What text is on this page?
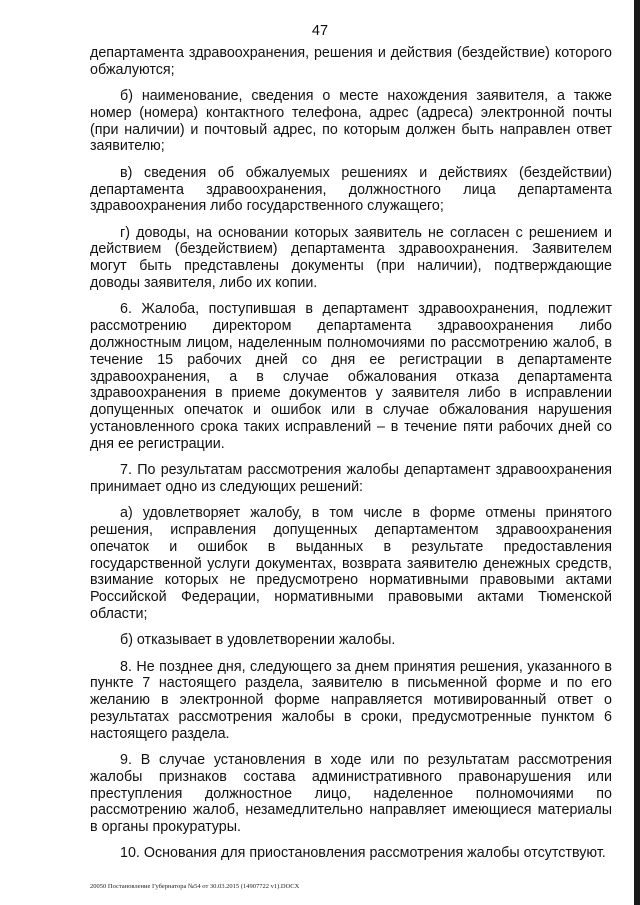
47

департамента здравоохранения, решения и действия (бездействие) которого обжалуются;

б) наименование, сведения о месте нахождения заявителя, а также номер (номера) контактного телефона, адрес (адреса) электронной почты (при наличии) и почтовый адрес, по которым должен быть направлен ответ заявителю;

в) сведения об обжалуемых решениях и действиях (бездействии) департамента здравоохранения, должностного лица департамента здравоохранения либо государственного служащего;

г) доводы, на основании которых заявитель не согласен с решением и действием (бездействием) департамента здравоохранения. Заявителем могут быть представлены документы (при наличии), подтверждающие доводы заявителя, либо их копии.

6. Жалоба, поступившая в департамент здравоохранения, подлежит рассмотрению директором департамента здравоохранения либо должностным лицом, наделенным полномочиями по рассмотрению жалоб, в течение 15 рабочих дней со дня ее регистрации в департаменте здравоохранения, а в случае обжалования отказа департамента здравоохранения в приеме документов у заявителя либо в исправлении допущенных опечаток и ошибок или в случае обжалования нарушения установленного срока таких исправлений – в течение пяти рабочих дней со дня ее регистрации.

7. По результатам рассмотрения жалобы департамент здравоохранения принимает одно из следующих решений:

а) удовлетворяет жалобу, в том числе в форме отмены принятого решения, исправления допущенных департаментом здравоохранения опечаток и ошибок в выданных в результате предоставления государственной услуги документах, возврата заявителю денежных средств, взимание которых не предусмотрено нормативными правовыми актами Российской Федерации, нормативными правовыми актами Тюменской области;

б) отказывает в удовлетворении жалобы.

8. Не позднее дня, следующего за днем принятия решения, указанного в пункте 7 настоящего раздела, заявителю в письменной форме и по его желанию в электронной форме направляется мотивированный ответ о результатах рассмотрения жалобы в сроки, предусмотренные пунктом 6 настоящего раздела.

9. В случае установления в ходе или по результатам рассмотрения жалобы признаков состава административного правонарушения или преступления должностное лицо, наделенное полномочиями по рассмотрению жалоб, незамедлительно направляет имеющиеся материалы в органы прокуратуры.

10. Основания для приостановления рассмотрения жалобы отсутствуют.

20050 Постановление Губернатора №54 от 30.03.2015 (14907722 v1).DOCX
